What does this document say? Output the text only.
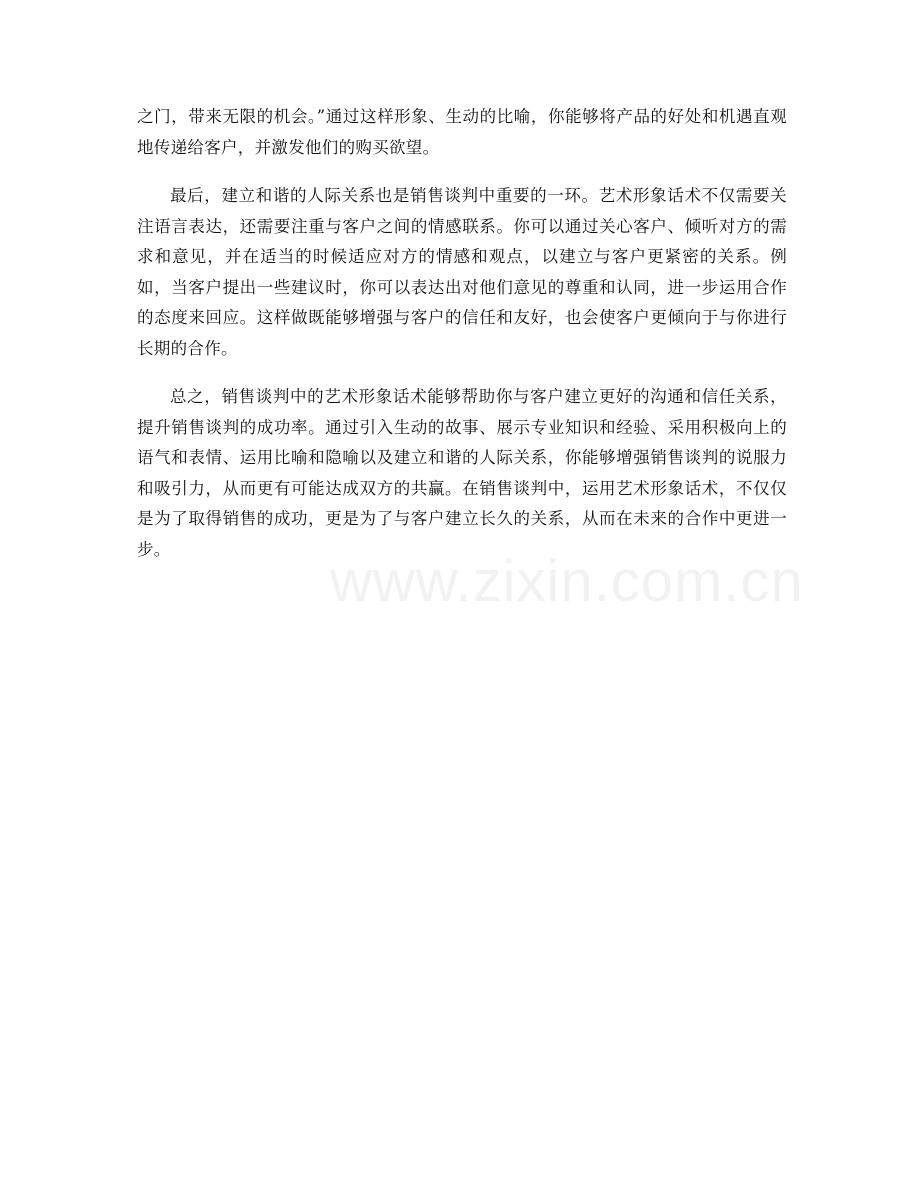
之门，带来无限的机会。”通过这样形象、生动的比喻，你能够将产品的好处和机遇直观地传递给客户，并激发他们的购买欲望。

最后，建立和谐的人际关系也是销售谈判中重要的一环。艺术形象话术不仅需要关注语言表达，还需要注重与客户之间的情感联系。你可以通过关心客户、倾听对方的需求和意见，并在适当的时候适应对方的情感和观点，以建立与客户更紧密的关系。例如，当客户提出一些建议时，你可以表达出对他们意见的尊重和认同，进一步运用合作的态度来回应。这样做既能够增强与客户的信任和友好，也会使客户更倾向于与你进行长期的合作。

总之，销售谈判中的艺术形象话术能够帮助你与客户建立更好的沟通和信任关系，提升销售谈判的成功率。通过引入生动的故事、展示专业知识和经验、采用积极向上的语气和表情、运用比喻和隐喻以及建立和谐的人际关系，你能够增强销售谈判的说服力和吸引力，从而更有可能达成双方的共赢。在销售谈判中，运用艺术形象话术，不仅仅是为了取得销售的成功，更是为了与客户建立长久的关系，从而在未来的合作中更进一步。	www.zixin.com.cn
